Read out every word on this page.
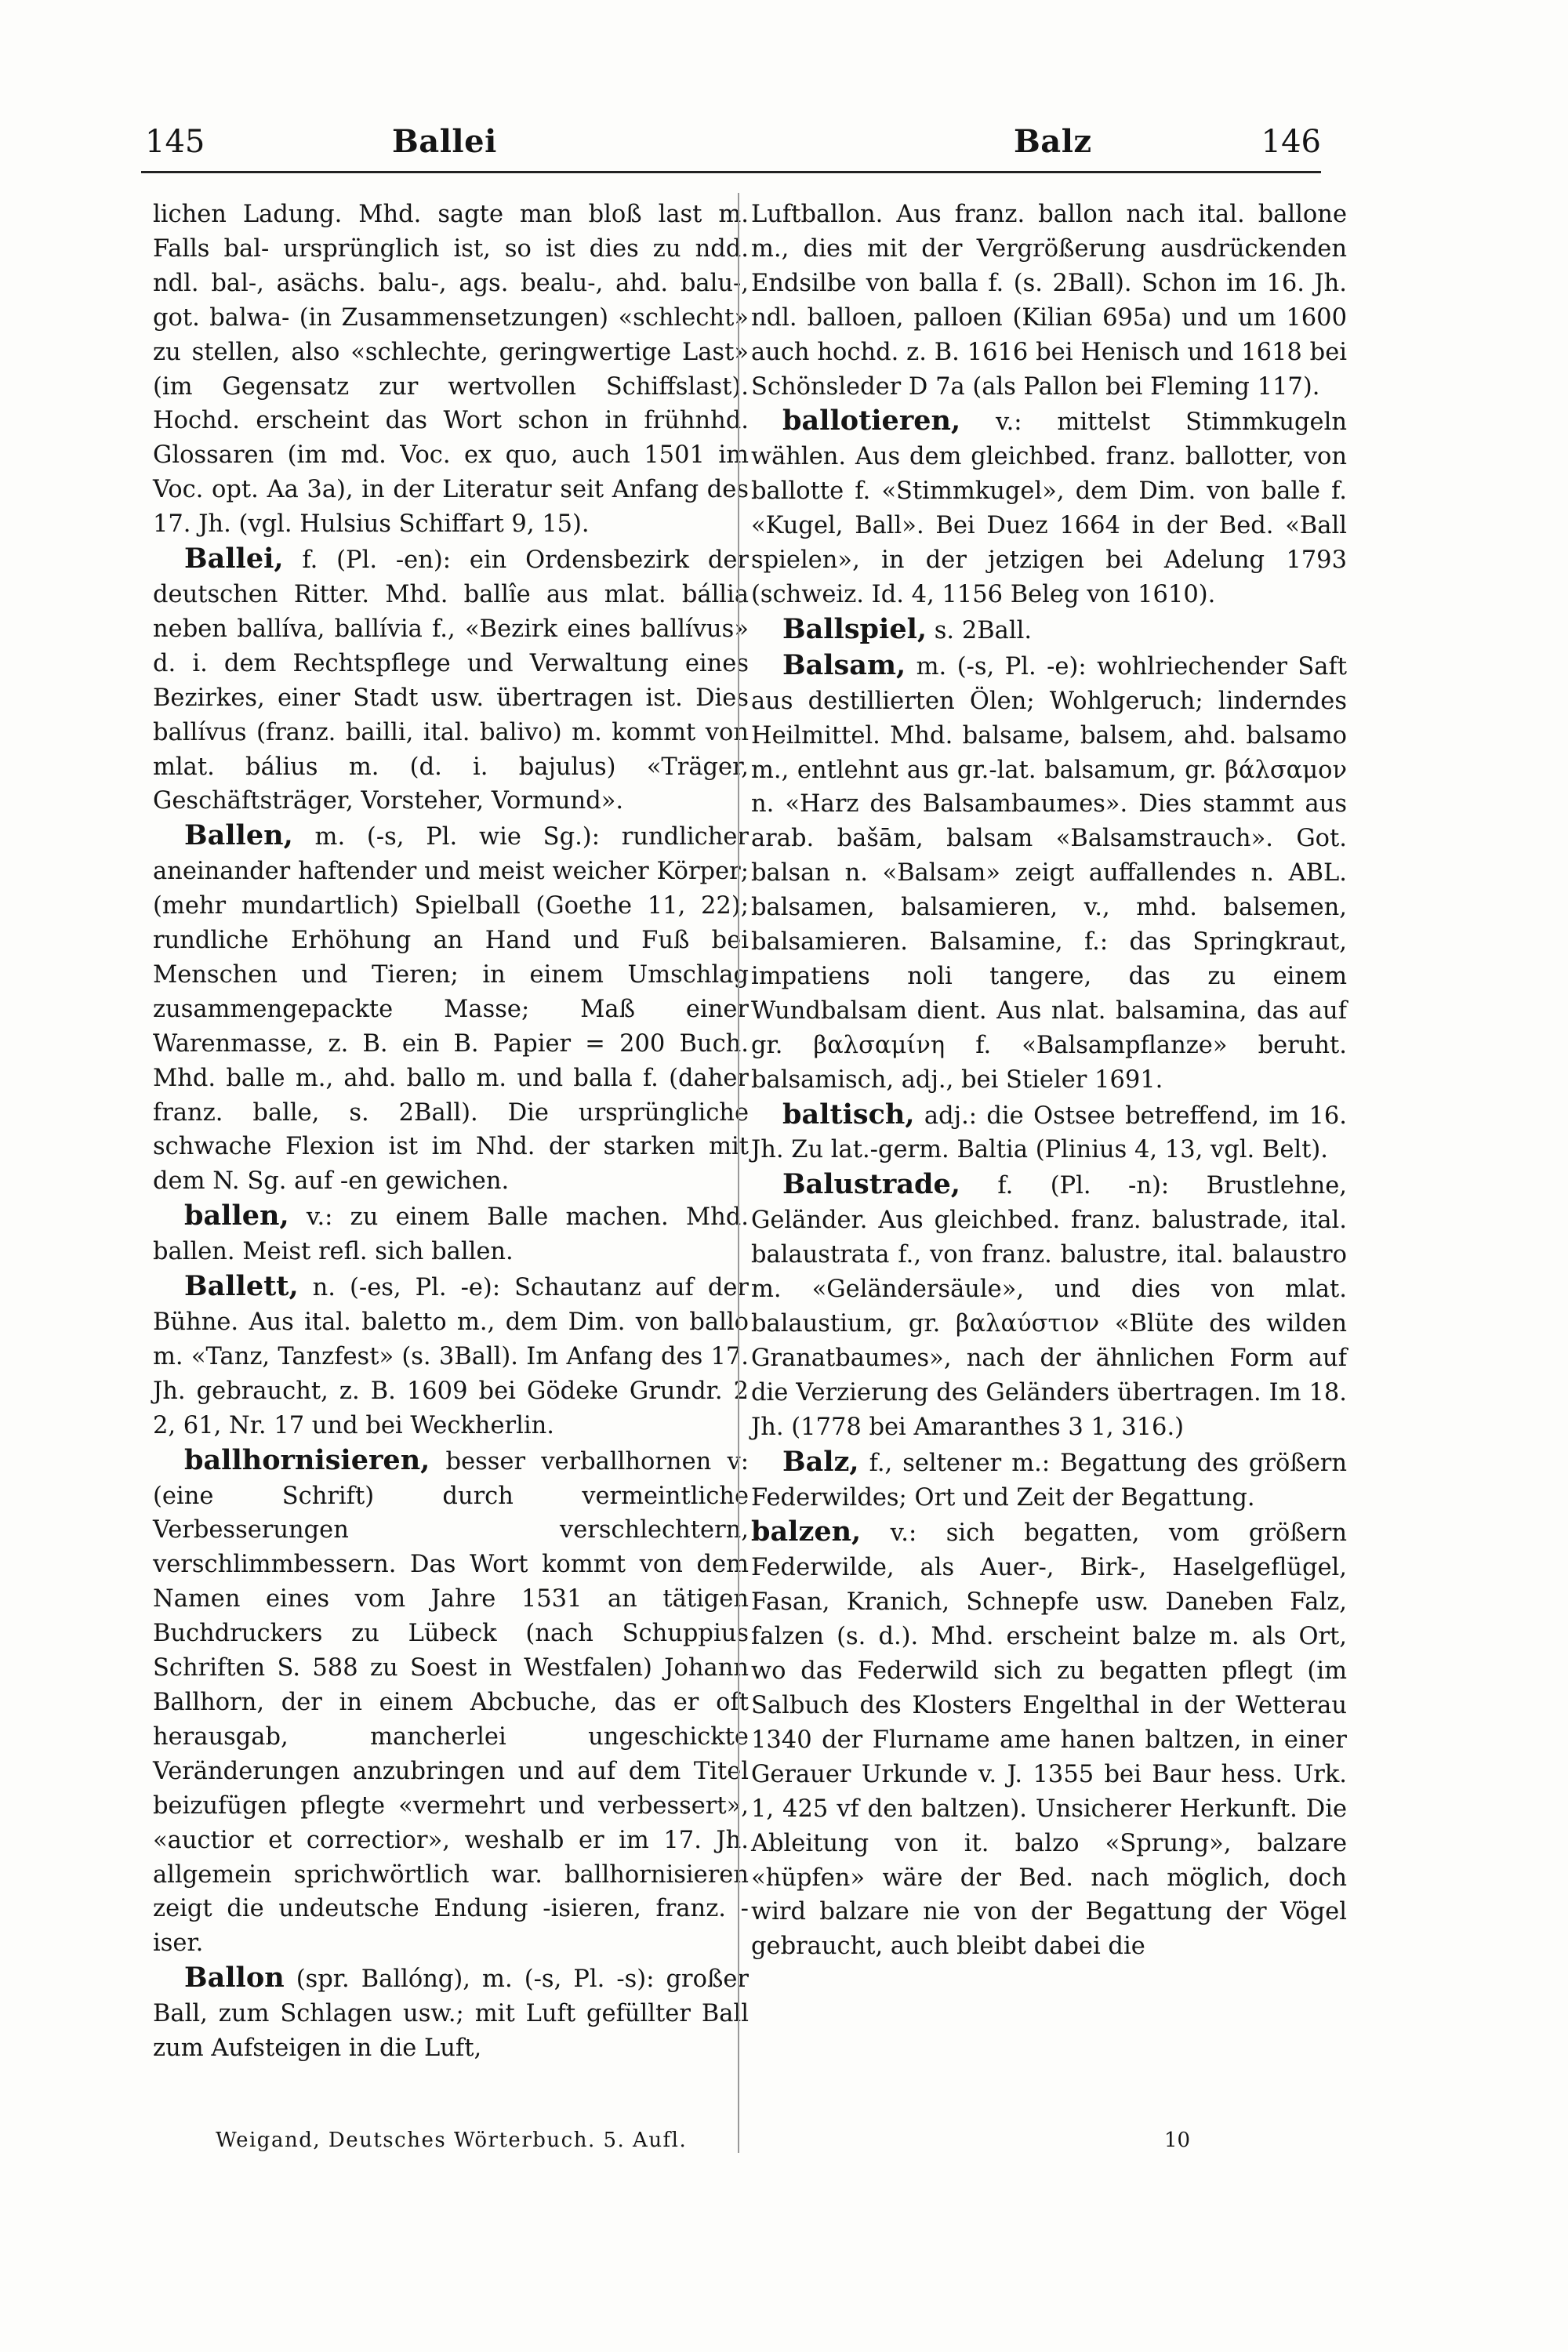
145	Ballei	Balz	146

lichen Ladung. Mhd. sagte man bloß last m. Falls bal- ursprünglich ist, so ist dies zu ndd. ndl. bal-, asächs. balu-, ags. bealu-, ahd. balu-, got. balwa- (in Zusammensetzungen) «schlecht» zu stellen, also «schlechte, geringwertige Last» (im Gegensatz zur wertvollen Schiffslast). Hochd. erscheint das Wort schon in frühnhd. Glossaren (im md. Voc. ex quo, auch 1501 im Voc. opt. Aa 3a), in der Literatur seit Anfang des 17. Jh. (vgl. Hulsius Schiffart 9, 15).

Ballei, f. (Pl. -en): ein Ordensbezirk der deutschen Ritter. Mhd. ballîe aus mlat. bállia neben ballíva, ballívia f., «Bezirk eines ballívus» d. i. dem Rechtspflege und Verwaltung eines Bezirkes, einer Stadt usw. übertragen ist. Dies ballívus (franz. bailli, ital. balivo) m. kommt von mlat. bálius m. (d. i. bajulus) «Träger, Geschäftsträger, Vorsteher, Vormund».

Ballen, m. (-s, Pl. wie Sg.): rundlicher aneinander haftender und meist weicher Körper; (mehr mundartlich) Spielball (Goethe 11, 22); rundliche Erhöhung an Hand und Fuß bei Menschen und Tieren; in einem Umschlag zusammengepackte Masse; Maß einer Warenmasse, z. B. ein B. Papier = 200 Buch. Mhd. balle m., ahd. ballo m. und balla f. (daher franz. balle, s. 2Ball). Die ursprüngliche schwache Flexion ist im Nhd. der starken mit dem N. Sg. auf -en gewichen.

ballen, v.: zu einem Balle machen. Mhd. ballen. Meist refl. sich ballen.

Ballett, n. (-es, Pl. -e): Schautanz auf der Bühne. Aus ital. baletto m., dem Dim. von ballo m. «Tanz, Tanzfest» (s. 3Ball). Im Anfang des 17. Jh. gebraucht, z. B. 1609 bei Gödeke Grundr. 2 2, 61, Nr. 17 und bei Weckherlin.

ballhornisieren, besser verballhornen v: (eine Schrift) durch vermeintliche Verbesserungen verschlechtern, verschlimmbessern. Das Wort kommt von dem Namen eines vom Jahre 1531 an tätigen Buchdruckers zu Lübeck (nach Schuppius Schriften S. 588 zu Soest in Westfalen) Johann Ballhorn, der in einem Abcbuche, das er oft herausgab, mancherlei ungeschickte Veränderungen anzubringen und auf dem Titel beizufügen pflegte «vermehrt und verbessert», «auctior et correctior», weshalb er im 17. Jh. allgemein sprichwörtlich war. ballhornisieren zeigt die undeutsche Endung -isieren, franz. -iser.

Ballon (spr. Ballóng), m. (-s, Pl. -s): großer Ball, zum Schlagen usw.; mit Luft gefüllter Ball zum Aufsteigen in die Luft,

Luftballon. Aus franz. ballon nach ital. ballone m., dies mit der Vergrößerung ausdrückenden Endsilbe von balla f. (s. 2Ball). Schon im 16. Jh. ndl. balloen, palloen (Kilian 695a) und um 1600 auch hochd. z. B. 1616 bei Henisch und 1618 bei Schönsleder D 7a (als Pallon bei Fleming 117).

ballotieren, v.: mittelst Stimmkugeln wählen. Aus dem gleichbed. franz. ballotter, von ballotte f. «Stimmkugel», dem Dim. von balle f. «Kugel, Ball». Bei Duez 1664 in der Bed. «Ball spielen», in der jetzigen bei Adelung 1793 (schweiz. Id. 4, 1156 Beleg von 1610).

Ballspiel, s. 2Ball.

Balsam, m. (-s, Pl. -e): wohlriechender Saft aus destillierten Ölen; Wohlgeruch; linderndes Heilmittel. Mhd. balsame, balsem, ahd. balsamo m., entlehnt aus gr.-lat. balsamum, gr. βάλσαμον n. «Harz des Balsambaumes». Dies stammt aus arab. bašām, balsam «Balsamstrauch». Got. balsan n. «Balsam» zeigt auffallendes n. ABL. balsamen, balsamieren, v., mhd. balsemen, balsamieren. Balsamine, f.: das Springkraut, impatiens noli tangere, das zu einem Wundbalsam dient. Aus nlat. balsamina, das auf gr. βαλσαμίνη f. «Balsampflanze» beruht. balsamisch, adj., bei Stieler 1691.

baltisch, adj.: die Ostsee betreffend, im 16. Jh. Zu lat.-germ. Baltia (Plinius 4, 13, vgl. Belt).

Balustrade, f. (Pl. -n): Brustlehne, Geländer. Aus gleichbed. franz. balustrade, ital. balaustrata f., von franz. balustre, ital. balaustro m. «Geländersäule», und dies von mlat. balaustium, gr. βαλαύστιον «Blüte des wilden Granatbaumes», nach der ähnlichen Form auf die Verzierung des Geländers übertragen. Im 18. Jh. (1778 bei Amaranthes 3 1, 316.)

Balz, f., seltener m.: Begattung des größern Federwildes; Ort und Zeit der Begattung.

balzen, v.: sich begatten, vom größern Federwilde, als Auer-, Birk-, Haselgeflügel, Fasan, Kranich, Schnepfe usw. Daneben Falz, falzen (s. d.). Mhd. erscheint balze m. als Ort, wo das Federwild sich zu begatten pflegt (im Salbuch des Klosters Engelthal in der Wetterau 1340 der Flurname ame hanen baltzen, in einer Gerauer Urkunde v. J. 1355 bei Baur hess. Urk. 1, 425 vf den baltzen). Unsicherer Herkunft. Die Ableitung von it. balzo «Sprung», balzare «hüpfen» wäre der Bed. nach möglich, doch wird balzare nie von der Begattung der Vögel gebraucht, auch bleibt dabei die

Weigand, Deutsches Wörterbuch. 5. Aufl.	10
